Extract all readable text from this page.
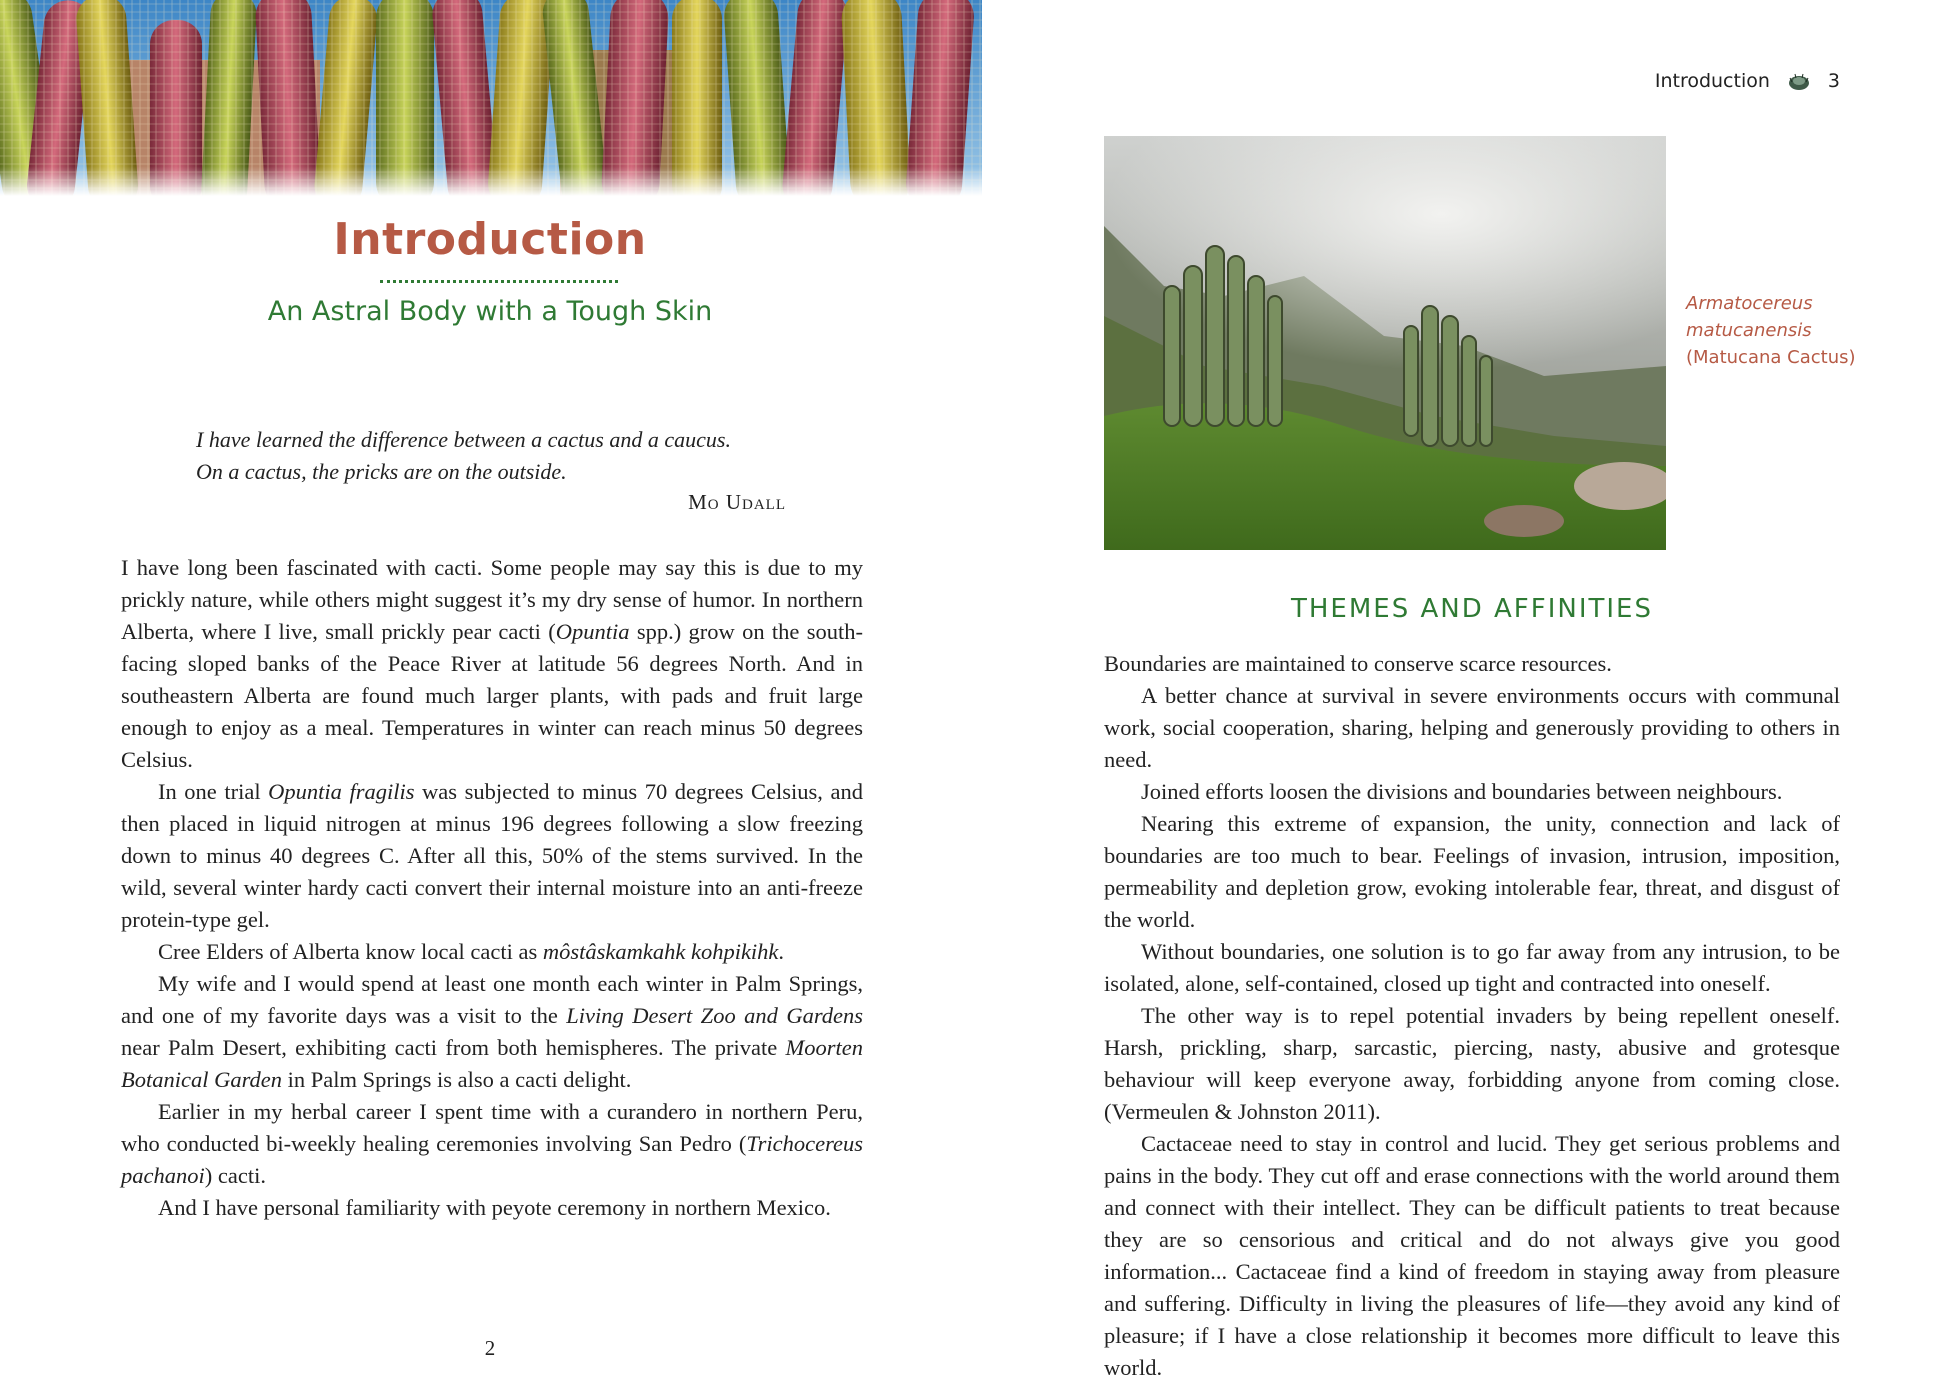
Introduction
An Astral Body with a Tough Skin

I have learned the difference between a cactus and a caucus.

On a cactus, the pricks are on the outside.

Mo Udall

I have long been fascinated with cacti. Some people may say this is due to my prickly nature, while others might suggest it’s my dry sense of humor. In northern Alberta, where I live, small prickly pear cacti (Opuntia spp.) grow on the south-facing sloped banks of the Peace River at latitude 56 degrees North. And in southeastern Alberta are found much larger plants, with pads and fruit large enough to enjoy as a meal. Temperatures in winter can reach minus 50 degrees Celsius.

In one trial Opuntia fragilis was subjected to minus 70 degrees Celsius, and then placed in liquid nitrogen at minus 196 degrees following a slow freezing down to minus 40 degrees C. After all this, 50% of the stems survived. In the wild, several winter hardy cacti convert their internal moisture into an anti-freeze protein-type gel.

Cree Elders of Alberta know local cacti as môstâskamkahk kohpikihk.

My wife and I would spend at least one month each winter in Palm Springs, and one of my favorite days was a visit to the Living Desert Zoo and Gardens near Palm Desert, exhibiting cacti from both hemispheres. The private Moorten Botanical Garden in Palm Springs is also a cacti delight.

Earlier in my herbal career I spent time with a curandero in northern Peru, who conducted bi-weekly healing ceremonies involving San Pedro (Trichocereus pachanoi) cacti.

And I have personal familiarity with peyote ceremony in northern Mexico.

2
Introduction	3
Armatocereus
matucanensis
(Matucana Cactus)
THEMES AND AFFINITIES

Boundaries are maintained to conserve scarce resources.

A better chance at survival in severe environments occurs with communal work, social cooperation, sharing, helping and generously providing to others in need.

Joined efforts loosen the divisions and boundaries between neighbours.

Nearing this extreme of expansion, the unity, connection and lack of boundaries are too much to bear. Feelings of invasion, intrusion, imposition, permeability and depletion grow, evoking intolerable fear, threat, and disgust of the world.

Without boundaries, one solution is to go far away from any intrusion, to be isolated, alone, self-contained, closed up tight and contracted into oneself.

The other way is to repel potential invaders by being repellent oneself. Harsh, prickling, sharp, sarcastic, piercing, nasty, abusive and grotesque behaviour will keep everyone away, forbidding anyone from coming close. (Vermeulen & Johnston 2011).

Cactaceae need to stay in control and lucid. They get serious problems and pains in the body. They cut off and erase connections with the world around them and connect with their intellect. They can be difficult patients to treat because they are so censorious and critical and do not always give you good information... Cactaceae find a kind of freedom in staying away from pleasure and suffering. Difficulty in living the pleasures of life—they avoid any kind of pleasure; if I have a close relationship it becomes more difficult to leave this world.
